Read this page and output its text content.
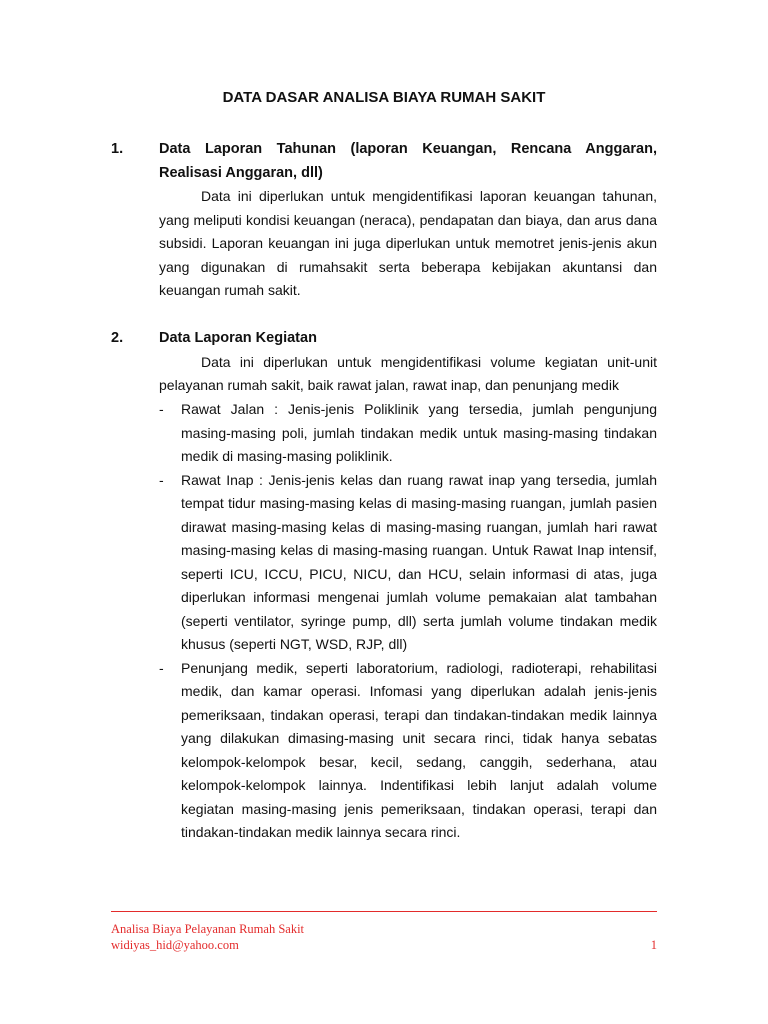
DATA DASAR ANALISA BIAYA RUMAH SAKIT
1. Data Laporan Tahunan (laporan Keuangan, Rencana Anggaran, Realisasi Anggaran, dll)
Data ini diperlukan untuk mengidentifikasi laporan keuangan tahunan, yang meliputi kondisi keuangan (neraca), pendapatan dan biaya, dan arus dana subsidi. Laporan keuangan ini juga diperlukan untuk memotret jenis-jenis akun yang digunakan di rumahsakit serta beberapa kebijakan akuntansi dan keuangan rumah sakit.
2. Data Laporan Kegiatan
Data ini diperlukan untuk mengidentifikasi volume kegiatan unit-unit pelayanan rumah sakit, baik rawat jalan, rawat inap, dan penunjang medik
- Rawat Jalan : Jenis-jenis Poliklinik yang tersedia, jumlah pengunjung masing-masing poli, jumlah tindakan medik untuk masing-masing tindakan medik di masing-masing poliklinik.
- Rawat Inap : Jenis-jenis kelas dan ruang rawat inap yang tersedia, jumlah tempat tidur masing-masing kelas di masing-masing ruangan, jumlah pasien dirawat masing-masing kelas di masing-masing ruangan, jumlah hari rawat masing-masing kelas di masing-masing ruangan. Untuk Rawat Inap intensif, seperti ICU, ICCU, PICU, NICU, dan HCU, selain informasi di atas, juga diperlukan informasi mengenai jumlah volume pemakaian alat tambahan (seperti ventilator, syringe pump, dll) serta jumlah volume tindakan medik khusus (seperti NGT, WSD, RJP, dll)
- Penunjang medik, seperti laboratorium, radiologi, radioterapi, rehabilitasi medik, dan kamar operasi. Infomasi yang diperlukan adalah jenis-jenis pemeriksaan, tindakan operasi, terapi dan tindakan-tindakan medik lainnya yang dilakukan dimasing-masing unit secara rinci, tidak hanya sebatas kelompok-kelompok besar, kecil, sedang, canggih, sederhana, atau kelompok-kelompok lainnya. Indentifikasi lebih lanjut adalah volume kegiatan masing-masing jenis pemeriksaan, tindakan operasi, terapi dan tindakan-tindakan medik lainnya secara rinci.
Analisa Biaya Pelayanan Rumah Sakit
widiyas_hid@yahoo.com	1
